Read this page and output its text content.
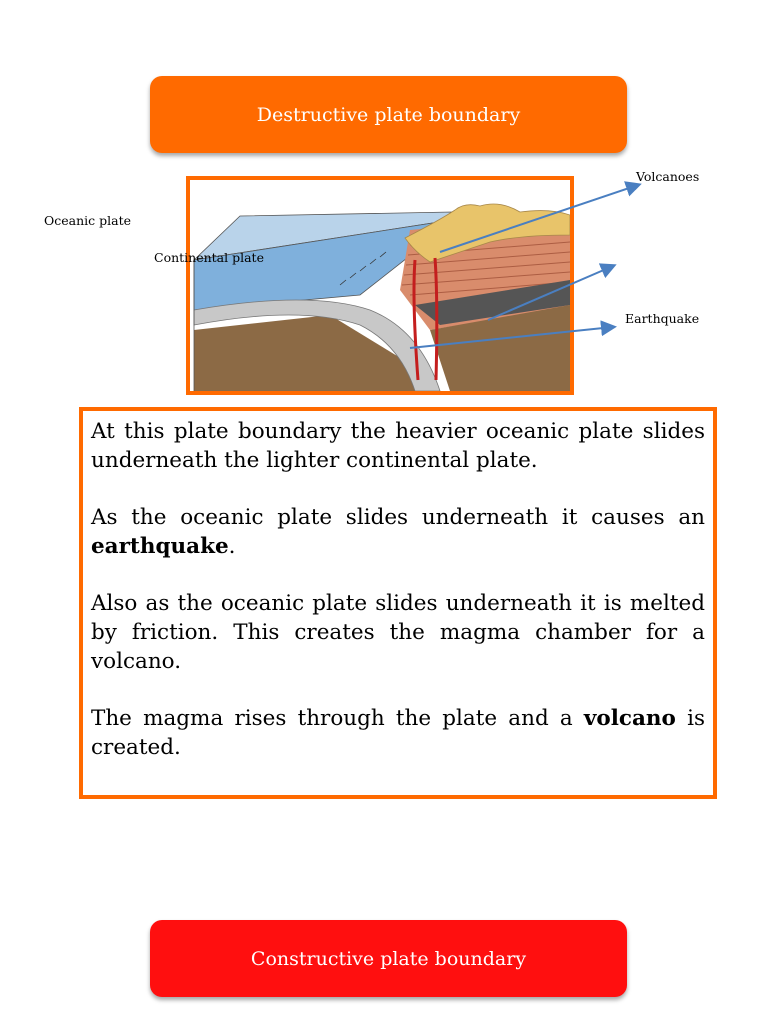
Destructive plate boundary
Oceanic plate
Continental plate
Volcanoes
Earthquake

At this plate boundary the heavier oceanic plate slides underneath the lighter continental plate.

As the oceanic plate slides underneath it causes an earthquake.

Also as the oceanic plate slides underneath it is melted by friction. This creates the magma chamber for a volcano.

The magma rises through the plate and a volcano is created.

Constructive plate boundary
